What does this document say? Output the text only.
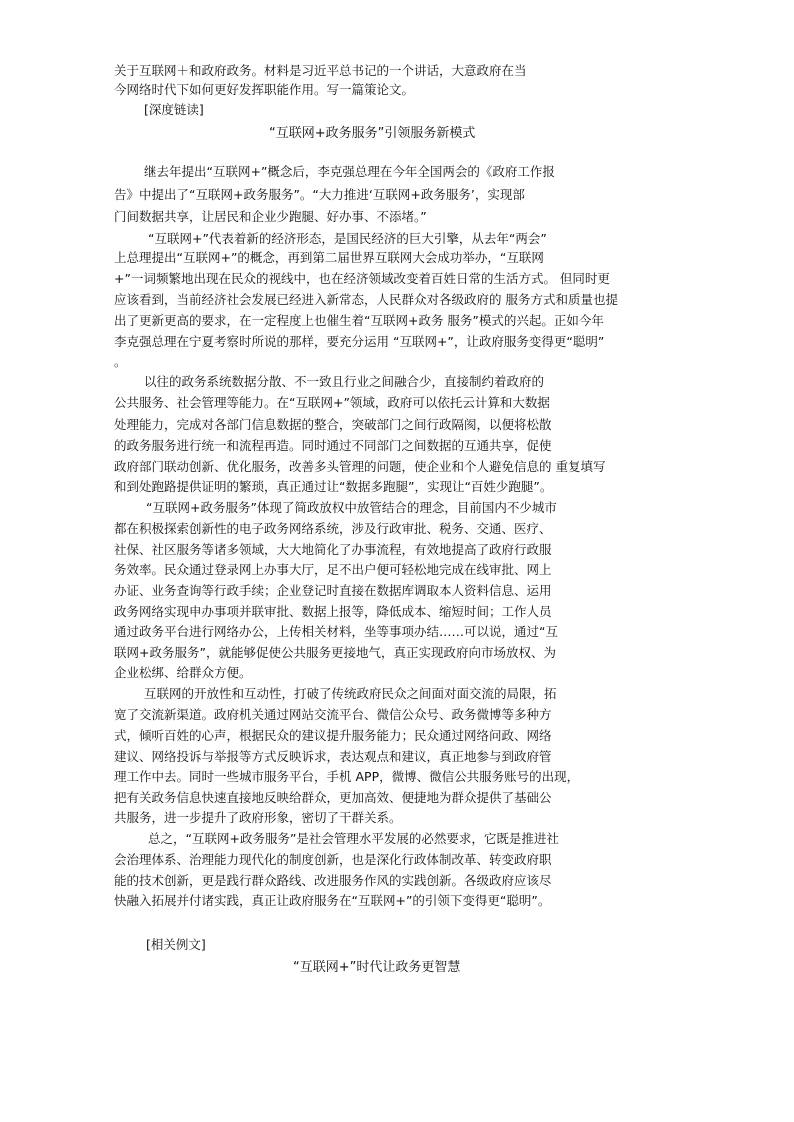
关于互联网＋和政府政务。材料是习近平总书记的一个讲话，大意政府在当
今网络时代下如何更好发挥职能作用。写一篇策论文。
[深度链读]
“互联网+政务服务”引领服务新模式
继去年提出“互联网+”概念后，李克强总理在今年全国两会的《政府工作报
告》中提出了“互联网+政务服务”。“大力推进‘互联网+政务服务’，实现部
门间数据共享，让居民和企业少跑腿、好办事、不添堵。”
“互联网+”代表着新的经济形态，是国民经济的巨大引擎，从去年“两会”
上总理提出“互联网+”的概念，再到第二届世界互联网大会成功举办，“互联网
+”一词频繁地出现在民众的视线中，也在经济领域改变着百姓日常的生活方式。 但同时更
应该看到，当前经济社会发展已经进入新常态，人民群众对各级政府的 服务方式和质量也提
出了更新更高的要求，在一定程度上也催生着“互联网+政务 服务”模式的兴起。正如今年
李克强总理在宁夏考察时所说的那样，要充分运用 “互联网+”，让政府服务变得更“聪明”
。
以往的政务系统数据分散、不一致且行业之间融合少，直接制约着政府的
公共服务、社会管理等能力。在“互联网+”领域，政府可以依托云计算和大数据
处理能力，完成对各部门信息数据的整合，突破部门之间行政隔阂，以便将松散
的政务服务进行统一和流程再造。同时通过不同部门之间数据的互通共享，促使
政府部门联动创新、优化服务，改善多头管理的问题，使企业和个人避免信息的 重复填写
和到处跑路提供证明的繁琐，真正通过让“数据多跑腿”，实现让“百姓少跑腿”。
“互联网+政务服务”体现了简政放权中放管结合的理念，目前国内不少城市
都在积极探索创新性的电子政务网络系统，涉及行政审批、税务、交通、医疗、
社保、社区服务等诸多领域，大大地简化了办事流程，有效地提高了政府行政服
务效率。民众通过登录网上办事大厅，足不出户便可轻松地完成在线审批、网上
办证、业务查询等行政手续；企业登记时直接在数据库调取本人资料信息、运用
政务网络实现申办事项并联审批、数据上报等，降低成本、缩短时间；工作人员
通过政务平台进行网络办公，上传相关材料，坐等事项办结……可以说，通过“互
联网+政务服务”，就能够促使公共服务更接地气，真正实现政府向市场放权、为
企业松绑、给群众方便。
互联网的开放性和互动性，打破了传统政府民众之间面对面交流的局限，拓
宽了交流新渠道。政府机关通过网站交流平台、微信公众号、政务微博等多种方
式，倾听百姓的心声，根据民众的建议提升服务能力；民众通过网络问政、网络
建议、网络投诉与举报等方式反映诉求，表达观点和建议，真正地参与到政府管
理工作中去。同时一些城市服务平台，手机 APP，微博、微信公共服务账号的出现，
把有关政务信息快速直接地反映给群众，更加高效、便捷地为群众提供了基础公
共服务，进一步提升了政府形象，密切了干群关系。
总之，“互联网+政务服务”是社会管理水平发展的必然要求，它既是推进社
会治理体系、治理能力现代化的制度创新，也是深化行政体制改革、转变政府职
能的技术创新，更是践行群众路线、改进服务作风的实践创新。各级政府应该尽
快融入拓展并付诸实践，真正让政府服务在“互联网+”的引领下变得更“聪明”。
[相关例文]
“互联网+”时代让政务更智慧
